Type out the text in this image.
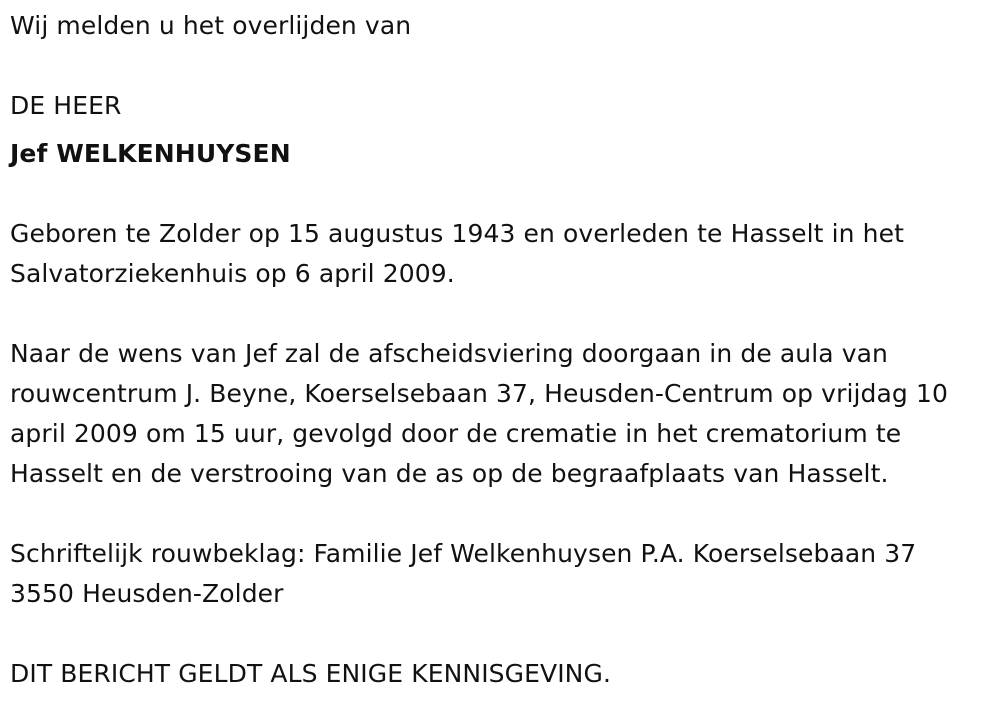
Wij melden u het overlijden van
DE HEER
Jef WELKENHUYSEN
Geboren te Zolder op 15 augustus 1943 en overleden te Hasselt in het
Salvatorziekenhuis op 6 april 2009.
Naar de wens van Jef zal de afscheidsviering doorgaan in de aula van
rouwcentrum J. Beyne, Koerselsebaan 37, Heusden-Centrum op vrijdag 10
april 2009 om 15 uur, gevolgd door de crematie in het crematorium te
Hasselt en de verstrooing van de as op de begraafplaats van Hasselt.
Schriftelijk rouwbeklag: Familie Jef Welkenhuysen P.A. Koerselsebaan 37
3550 Heusden-Zolder
DIT BERICHT GELDT ALS ENIGE KENNISGEVING.
